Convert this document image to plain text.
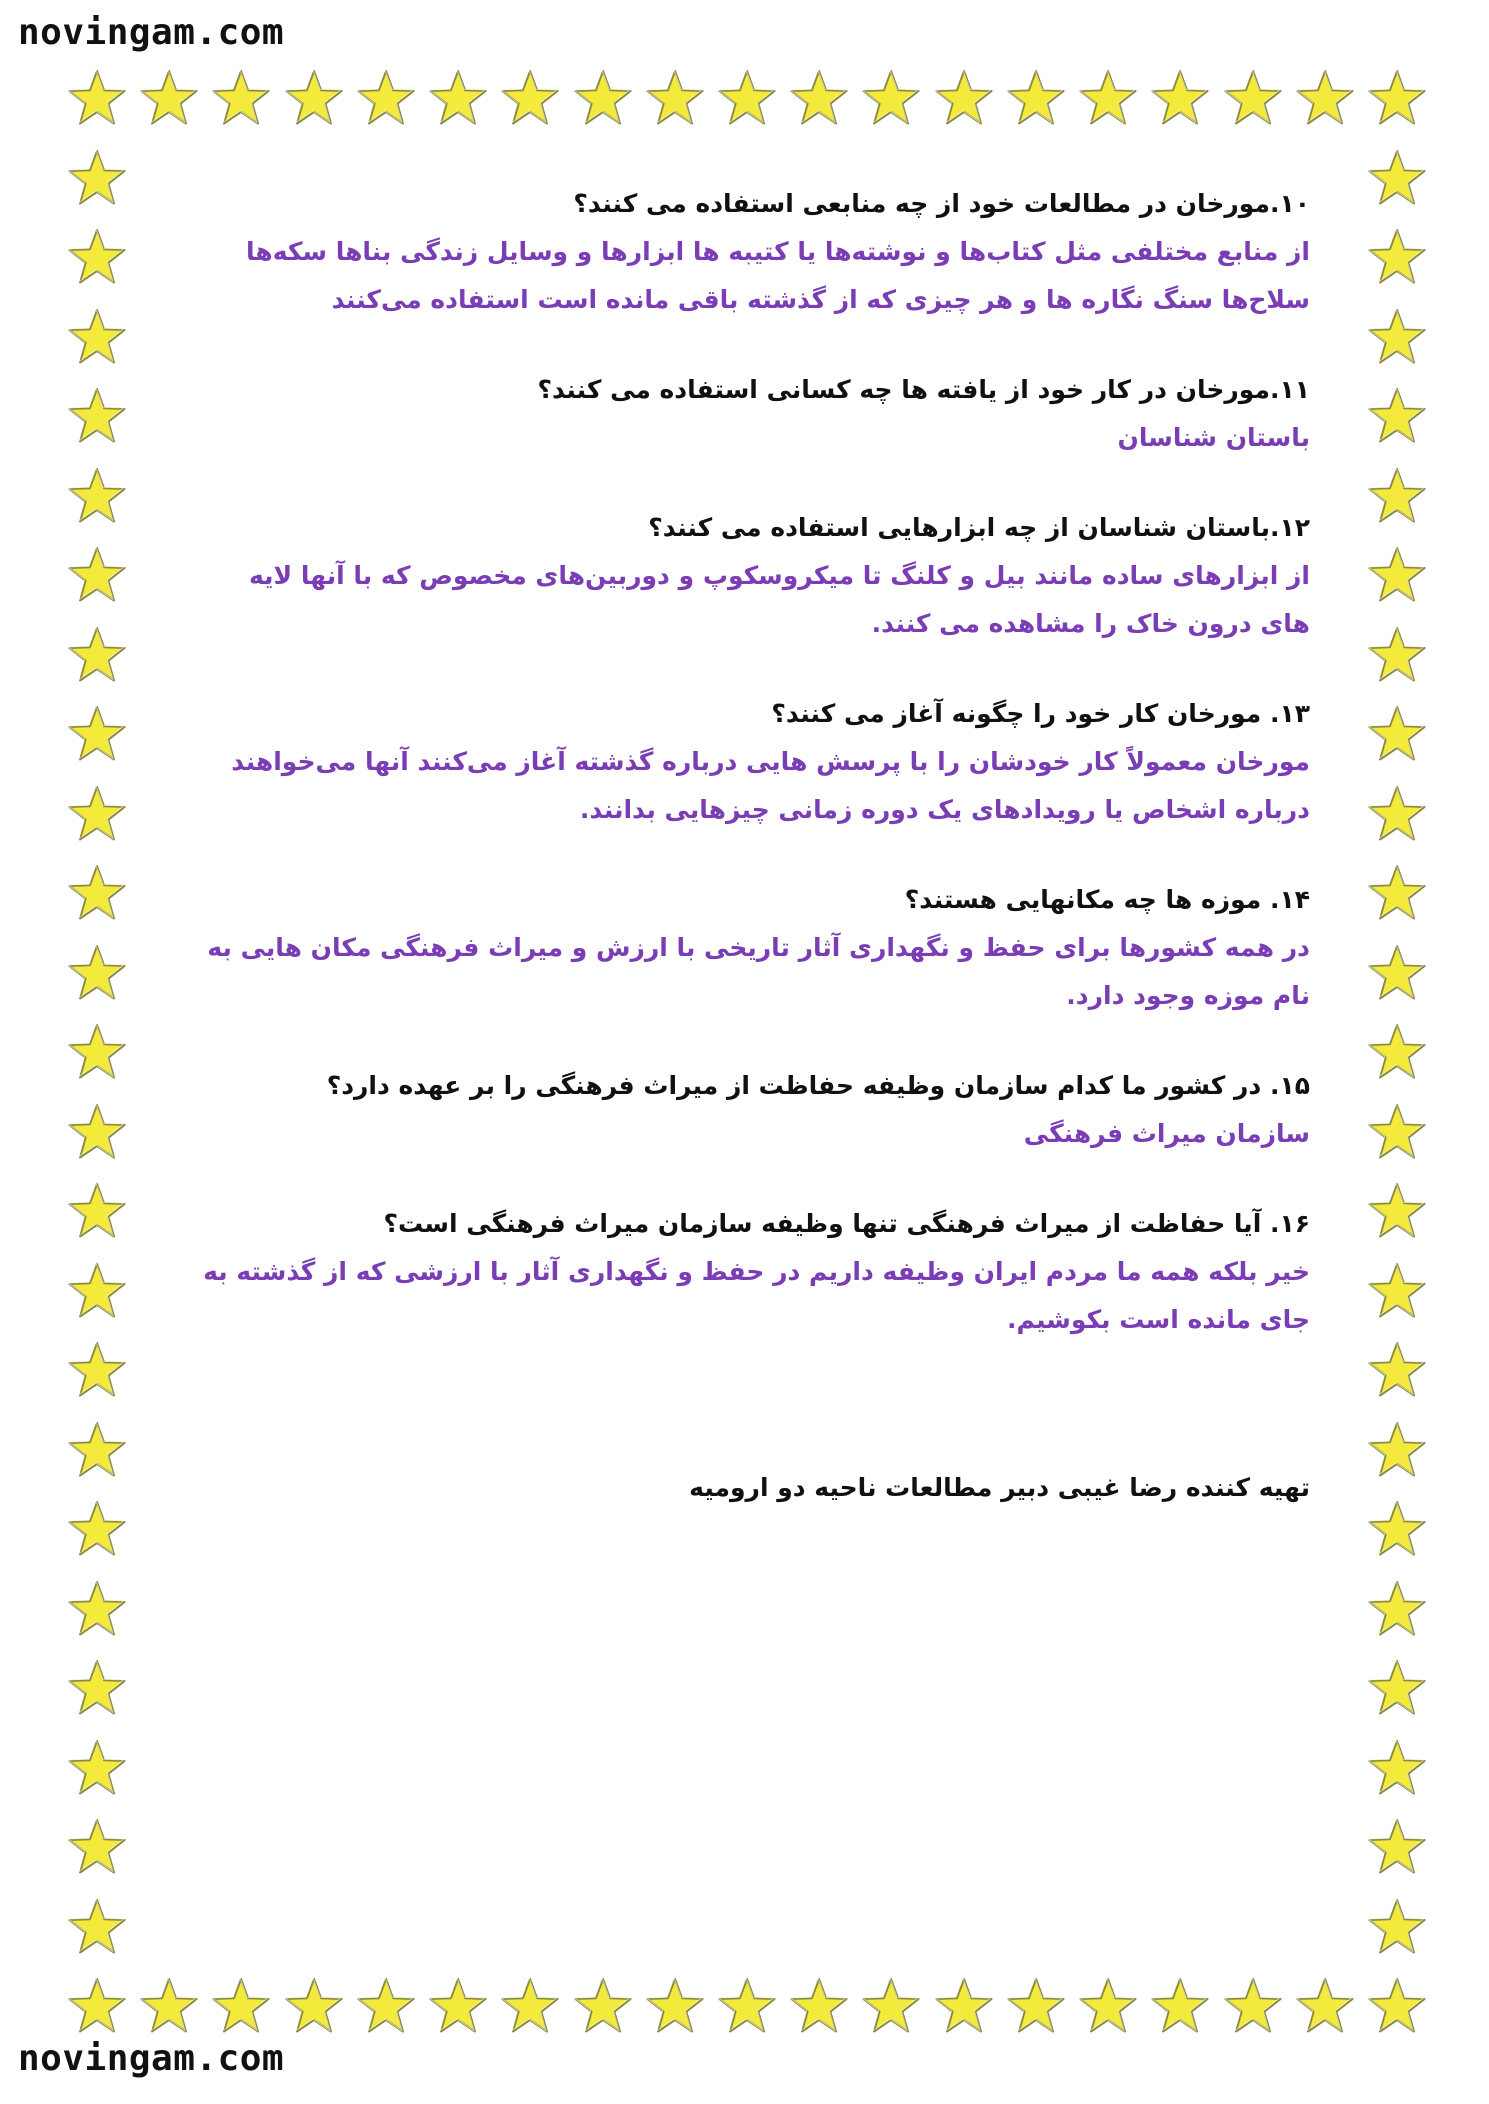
novingam.com
novingam.com
۱۰.مورخان در مطالعات خود از چه منابعی استفاده می کنند؟
از منابع مختلفی مثل کتاب‌ها و نوشته‌ها یا کتیبه ها ابزارها و وسایل زندگی بناها سکه‌ها سلاح‌ها سنگ نگاره ها و هر چیزی که از گذشته باقی مانده است استفاده می‌کنند
۱۱.مورخان در کار خود از یافته ها چه کسانی استفاده می کنند؟
باستان شناسان
۱۲.باستان شناسان از چه ابزارهایی استفاده می کنند؟
از ابزارهای ساده مانند بیل و کلنگ تا میکروسکوپ و دوربین‌های مخصوص که با آنها لایه های درون خاک را مشاهده می کنند.
۱۳. مورخان کار خود را چگونه آغاز می کنند؟
مورخان معمولاً کار خودشان را با پرسش هایی درباره گذشته آغاز می‌کنند آنها می‌خواهند درباره اشخاص یا رویدادهای یک دوره زمانی چیزهایی بدانند.
۱۴. موزه ها چه مکانهایی هستند؟
در همه کشورها برای حفظ و نگهداری آثار تاریخی با ارزش و میراث فرهنگی مکان هایی به نام موزه وجود دارد.
۱۵. در کشور ما کدام سازمان وظیفه حفاظت از میراث فرهنگی را بر عهده دارد؟
سازمان میراث فرهنگی
۱۶. آیا حفاظت از میراث فرهنگی تنها وظیفه سازمان میراث فرهنگی است؟
خیر بلکه همه ما مردم ایران وظیفه داریم در حفظ و نگهداری آثار با ارزشی که از گذشته به جای مانده است بکوشیم.
تهیه کننده رضا غیبی دبیر مطالعات ناحیه دو ارومیه
